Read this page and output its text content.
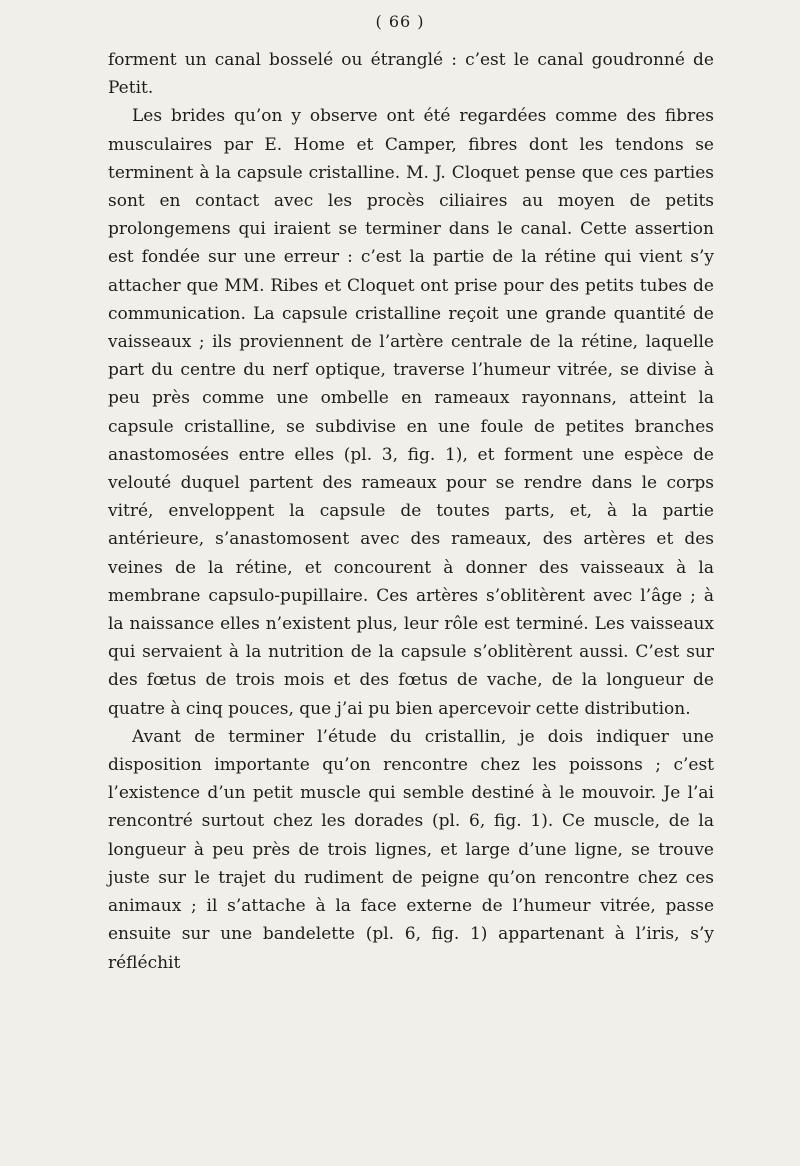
( 66 )

forment un canal bosselé ou étranglé : c’est le canal goudronné de Petit.

Les brides qu’on y observe ont été regardées comme des fibres musculaires par E. Home et Camper, fibres dont les tendons se terminent à la capsule cristalline. M. J. Cloquet pense que ces parties sont en contact avec les procès ciliaires au moyen de petits prolongemens qui iraient se terminer dans le canal. Cette assertion est fondée sur une erreur : c’est la partie de la rétine qui vient s’y attacher que MM. Ribes et Cloquet ont prise pour des petits tubes de communication. La capsule cristalline reçoit une grande quantité de vaisseaux ; ils proviennent de l’artère centrale de la rétine, laquelle part du centre du nerf optique, traverse l’humeur vitrée, se divise à peu près comme une ombelle en rameaux rayonnans, atteint la capsule cristalline, se subdivise en une foule de petites branches anastomosées entre elles (pl. 3, fig. 1), et forment une espèce de velouté duquel partent des rameaux pour se rendre dans le corps vitré, enveloppent la capsule de toutes parts, et, à la partie antérieure, s’anastomosent avec des rameaux, des artères et des veines de la rétine, et concourent à donner des vaisseaux à la membrane capsulo-pupillaire. Ces artères s’oblitèrent avec l’âge ; à la naissance elles n’existent plus, leur rôle est terminé. Les vaisseaux qui servaient à la nutrition de la capsule s’oblitèrent aussi. C’est sur des fœtus de trois mois et des fœtus de vache, de la longueur de quatre à cinq pouces, que j’ai pu bien apercevoir cette distribution.

Avant de terminer l’étude du cristallin, je dois indiquer une disposition importante qu’on rencontre chez les poissons ; c’est l’existence d’un petit muscle qui semble destiné à le mouvoir. Je l’ai rencontré surtout chez les dorades (pl. 6, fig. 1). Ce muscle, de la longueur à peu près de trois lignes, et large d’une ligne, se trouve juste sur le trajet du rudiment de peigne qu’on rencontre chez ces animaux ; il s’attache à la face externe de l’humeur vitrée, passe ensuite sur une bandelette (pl. 6, fig. 1) appartenant à l’iris, s’y réfléchit
